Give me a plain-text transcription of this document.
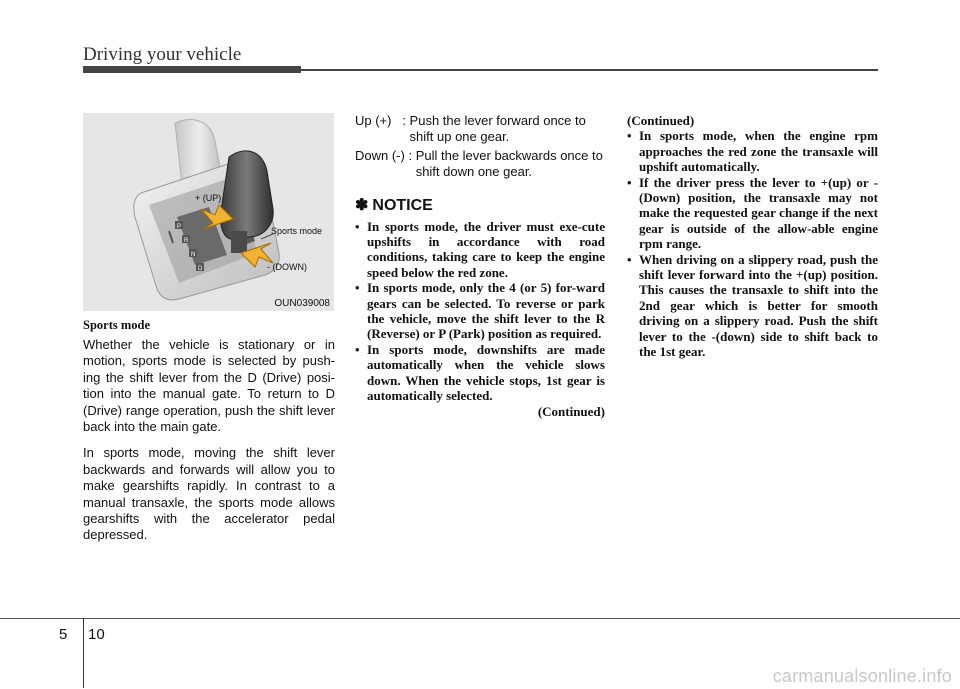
Driving your vehicle
P
R
N
D
+ (UP)
Sports mode
- (DOWN)
OUN039008
Sports mode

Whether the vehicle is stationary or in motion, sports mode is selected by push-ing the shift lever from the D (Drive) posi-tion into the manual gate. To return to D (Drive) range operation, push the shift lever back into the main gate.

In sports mode, moving the shift lever backwards and forwards will allow you to make gearshifts rapidly. In contrast to a manual transaxle, the sports mode allows gearshifts with the accelerator pedal depressed.

Up (+) : Push the lever forward once to shift up one gear.
Down (-) : Pull the lever backwards once to shift down one gear.
✽ NOTICE
• In sports mode, the driver must exe-cute upshifts in accordance with road conditions, taking care to keep the engine speed below the red zone.
• In sports mode, only the 4 (or 5) for-ward gears can be selected. To reverse or park the vehicle, move the shift lever to the R (Reverse) or P (Park) position as required.
• In sports mode, downshifts are made automatically when the vehicle slows down. When the vehicle stops, 1st gear is automatically selected.
(Continued)
(Continued)
• In sports mode, when the engine rpm approaches the red zone the transaxle will upshift automatically.
• If the driver press the lever to +(up) or -(Down) position, the transaxle may not make the requested gear change if the next gear is outside of the allow-able engine rpm range.
• When driving on a slippery road, push the shift lever forward into the +(up) position. This causes the transaxle to shift into the 2nd gear which is better for smooth driving on a slippery road. Push the shift lever to the -(down) side to shift back to the 1st gear.
5 10
carmanualsonline.info
